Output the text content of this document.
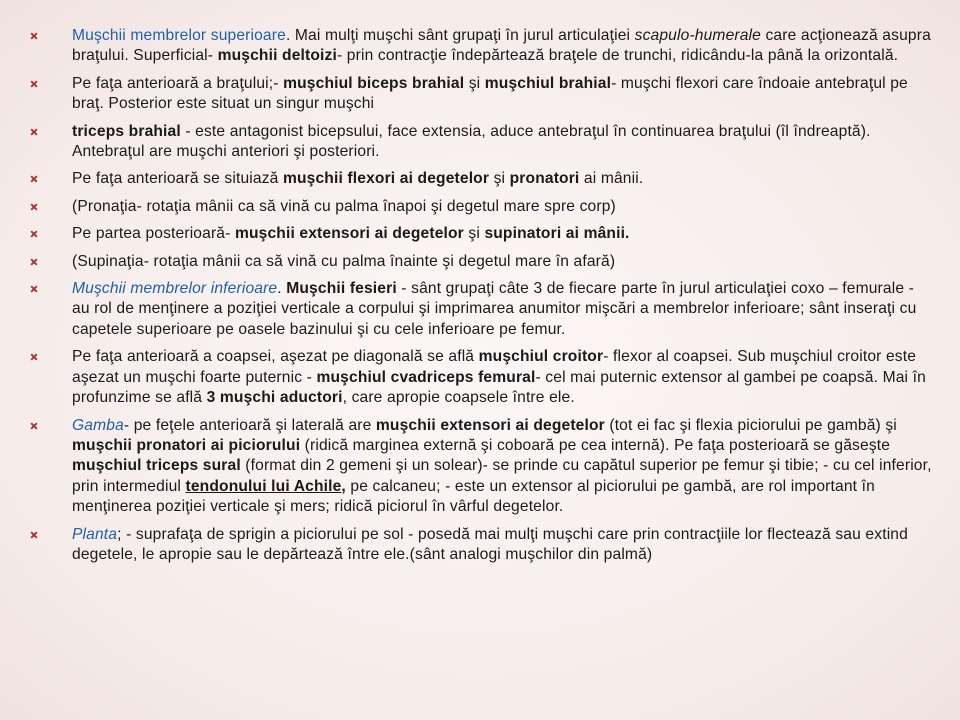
Muşchii membrelor superioare. Mai mulţi muşchi sânt grupaţi în jurul articulaţiei scapulo-humerale care acţionează asupra braţului. Superficial- muşchii deltoizi- prin contracţie îndepărtează braţele de trunchi, ridicându-la până la orizontală.
Pe faţa anterioară a braţului;- muşchiul biceps brahial şi muşchiul brahial- muşchi flexori care îndoaie antebraţul pe braţ. Posterior este situat un singur muşchi
triceps brahial - este antagonist bicepsului, face extensia, aduce antebraţul în continuarea braţului (îl îndreaptă). Antebraţul are muşchi anteriori şi posteriori.
Pe faţa anterioară se situiază muşchii flexori ai degetelor şi pronatori ai mânii.
(Pronaţia- rotaţia mânii ca să vină cu palma înapoi şi degetul mare spre corp)
Pe partea posterioară- muşchii extensori ai degetelor şi supinatori ai mânii.
(Supinaţia- rotaţia mânii ca să vină cu palma înainte şi degetul mare în afară)
Muşchii membrelor inferioare. Muşchii fesieri - sânt grupaţi câte 3 de fiecare parte în jurul articulaţiei coxo – femurale - au rol de menţinere a poziţiei verticale a corpului şi imprimarea anumitor mişcări a membrelor inferioare; sânt inseraţi cu capetele superioare pe oasele bazinului şi cu cele inferioare pe femur.
Pe faţa anterioară a coapsei, aşezat pe diagonală se află muşchiul croitor- flexor al coapsei. Sub muşchiul croitor este aşezat un muşchi foarte puternic - muşchiul cvadriceps femural- cel mai puternic extensor al gambei pe coapsă. Mai în profunzime se află 3 muşchi aductori, care apropie coapsele între ele.
Gamba- pe feţele anterioară şi laterală are muşchii extensori ai degetelor (tot ei fac şi flexia piciorului pe gambă) şi muşchii pronatori ai piciorului (ridică marginea externă şi coboară pe cea internă). Pe faţa posterioară se găseşte muşchiul triceps sural (format din 2 gemeni şi un solear)- se prinde cu capătul superior pe femur şi tibie; - cu cel inferior, prin intermediul tendonului lui Achile, pe calcaneu; - este un extensor al piciorului pe gambă, are rol important în menţinerea poziţiei verticale şi mers; ridică piciorul în vârful degetelor.
Planta; - suprafaţa de sprigin a piciorului pe sol - posedă mai mulţi muşchi care prin contracţiile lor flectează sau extind degetele, le apropie sau le depărtează între ele.(sânt analogi muşchilor din palmă)
